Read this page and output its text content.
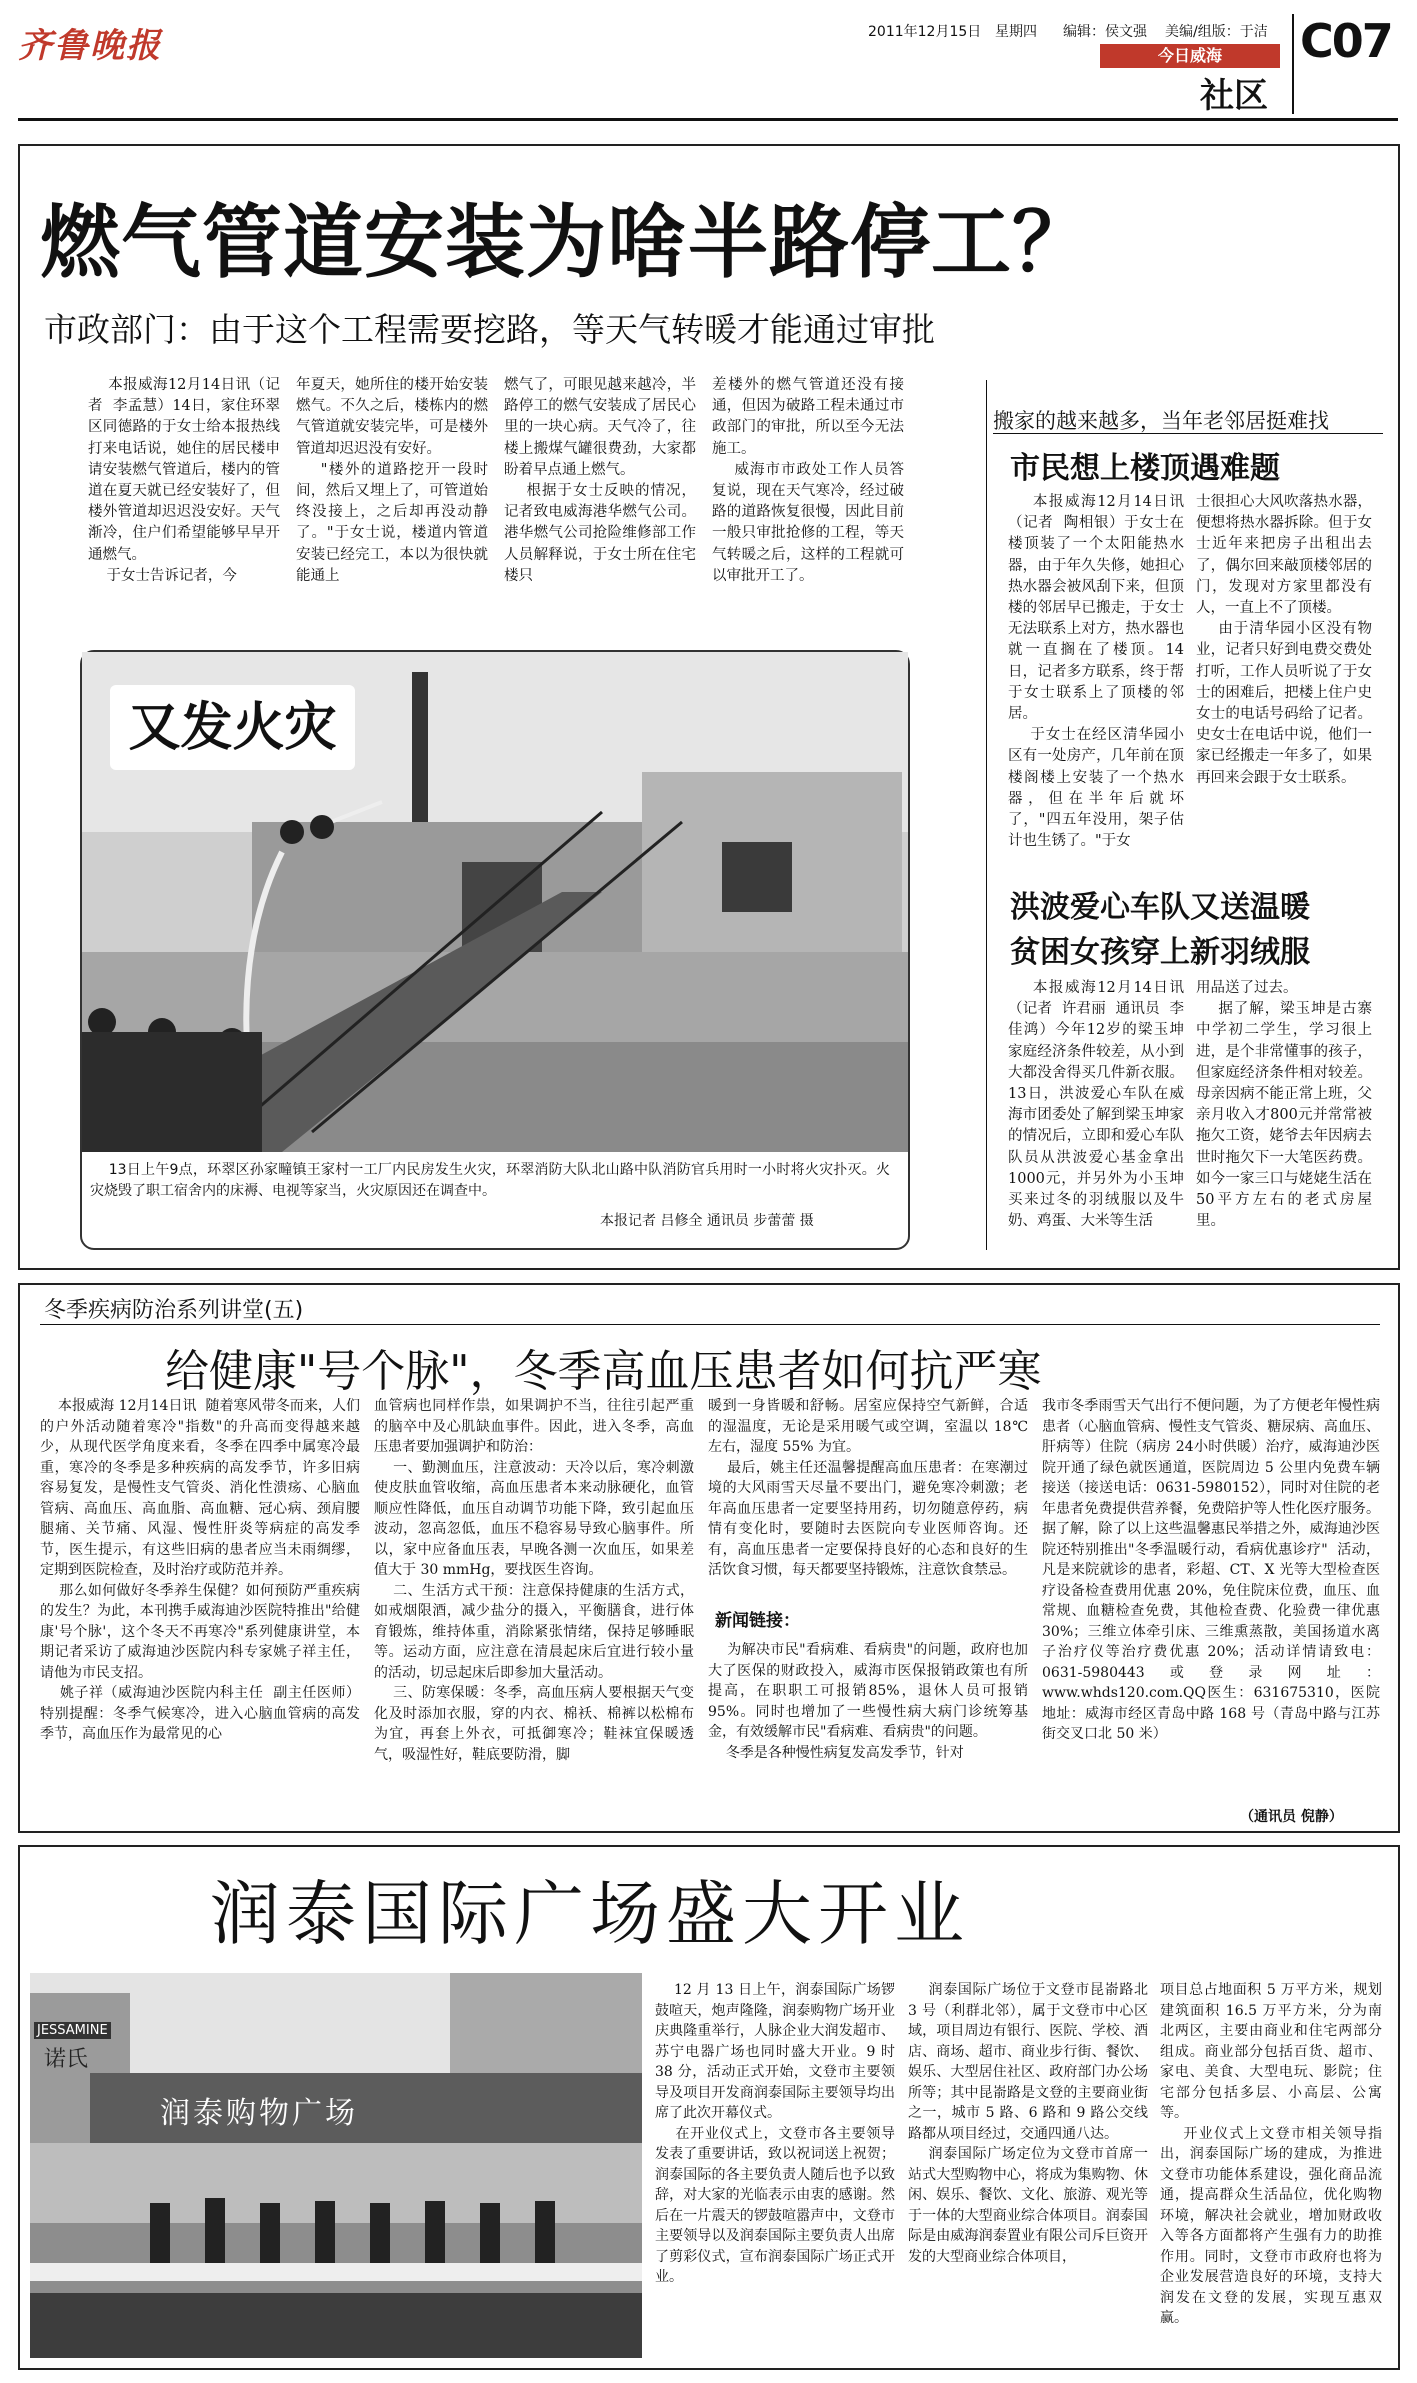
齐鲁晚报	2011年12月15日 星期四 编辑：侯文强 美编/组版：于洁
今日威海
社区
C07
燃气管道安装为啥半路停工？
市政部门：由于这个工程需要挖路，等天气转暖才能通过审批
本报威海12月14日讯（记者  李孟慧）14日，家住环翠区同德路的于女士给本报热线打来电话说，她住的居民楼申请安装燃气管道后，楼内的管道在夏天就已经安装好了，但楼外管道却迟迟没安好。天气渐冷，住户们希望能够早早开通燃气。
于女士告诉记者，今
年夏天，她所住的楼开始安装燃气。不久之后，楼栋内的燃气管道就安装完毕，可是楼外管道却迟迟没有安好。
"楼外的道路挖开一段时间，然后又埋上了，可管道始终没接上，之后却再没动静了。"于女士说，楼道内管道安装已经完工，本以为很快就能通上
燃气了，可眼见越来越冷，半路停工的燃气安装成了居民心里的一块心病。天气冷了，往楼上搬煤气罐很费劲，大家都盼着早点通上燃气。
根据于女士反映的情况，记者致电威海港华燃气公司。港华燃气公司抢险维修部工作人员解释说，于女士所在住宅楼只
差楼外的燃气管道还没有接通，但因为破路工程未通过市政部门的审批，所以至今无法施工。
威海市市政处工作人员答复说，现在天气寒冷，经过破路的道路恢复很慢，因此目前一般只审批抢修的工程，等天气转暖之后，这样的工程就可以审批开工了。
又发火灾
13日上午9点，环翠区孙家疃镇王家村一工厂内民房发生火灾，环翠消防大队北山路中队消防官兵用时一小时将火灾扑灭。火灾烧毁了职工宿舍内的床褥、电视等家当，火灾原因还在调查中。
本报记者 吕修全 通讯员 步蕾蕾 摄
搬家的越来越多，当年老邻居挺难找
市民想上楼顶遇难题
本报威海12月14日讯（记者  陶相银）于女士在楼顶装了一个太阳能热水器，由于年久失修，她担心热水器会被风刮下来，但顶楼的邻居早已搬走，于女士无法联系上对方，热水器也就一直搁在了楼顶。14日，记者多方联系，终于帮于女士联系上了顶楼的邻居。
于女士在经区清华园小区有一处房产，几年前在顶楼阁楼上安装了一个热水器，但在半年后就坏了，"四五年没用，架子估计也生锈了。"于女
士很担心大风吹落热水器，便想将热水器拆除。但于女士近年来把房子出租出去了，偶尔回来敲顶楼邻居的门，发现对方家里都没有人，一直上不了顶楼。
由于清华园小区没有物业，记者只好到电费交费处打听，工作人员听说了于女士的困难后，把楼上住户史女士的电话号码给了记者。史女士在电话中说，他们一家已经搬走一年多了，如果再回来会跟于女士联系。
洪波爱心车队又送温暖
贫困女孩穿上新羽绒服
本报威海12月14日讯（记者  许君丽  通讯员  李佳鸿）今年12岁的梁玉坤家庭经济条件较差，从小到大都没舍得买几件新衣服。13日，洪波爱心车队在威海市团委处了解到梁玉坤家的情况后，立即和爱心车队队员从洪波爱心基金拿出1000元，并另外为小玉坤买来过冬的羽绒服以及牛奶、鸡蛋、大米等生活
用品送了过去。
据了解，梁玉坤是古寨中学初二学生，学习很上进，是个非常懂事的孩子，但家庭经济条件相对较差。母亲因病不能正常上班，父亲月收入才800元并常常被拖欠工资，姥爷去年因病去世时拖欠下一大笔医药费。如今一家三口与姥姥生活在50平方左右的老式房屋里。
冬季疾病防治系列讲堂(五)
给健康"号个脉"，冬季高血压患者如何抗严寒
本报威海 12月14日讯  随着寒风带冬而来，人们的户外活动随着寒冷"指数"的升高而变得越来越少，从现代医学角度来看，冬季在四季中属寒冷最重，寒冷的冬季是多种疾病的高发季节，许多旧病容易复发，是慢性支气管炎、消化性溃疡、心脑血管病、高血压、高血脂、高血糖、冠心病、颈肩腰腿痛、关节痛、风湿、慢性肝炎等病症的高发季节，医生提示，有这些旧病的患者应当未雨绸缪，定期到医院检查，及时治疗或防范并养。
那么如何做好冬季养生保健？如何预防严重疾病的发生？为此，本刊携手威海迪沙医院特推出"给健康'号个脉'，这个冬天不再寒冷"系列健康讲堂，本期记者采访了威海迪沙医院内科专家姚子祥主任，请他为市民支招。
姚子祥（威海迪沙医院内科主任  副主任医师）特别提醒：冬季气候寒冷，进入心脑血管病的高发季节，高血压作为最常见的心
血管病也同样作祟，如果调护不当，往往引起严重的脑卒中及心肌缺血事件。因此，进入冬季，高血压患者要加强调护和防治：
一、勤测血压，注意波动：天冷以后，寒冷刺激使皮肤血管收缩，高血压患者本来动脉硬化，血管顺应性降低，血压自动调节功能下降，致引起血压波动，忽高忽低，血压不稳容易导致心脑事件。所以，家中应备血压表，早晚各测一次血压，如果差值大于 30 mmHg，要找医生咨询。
二、生活方式干预：注意保持健康的生活方式，如戒烟限酒，减少盐分的摄入，平衡膳食，进行体育锻炼，维持体重，消除紧张情绪，保持足够睡眠等。运动方面，应注意在清晨起床后宜进行较小量的活动，切忌起床后即参加大量活动。
三、防寒保暖：冬季，高血压病人要根据天气变化及时添加衣服，穿的内衣、棉袄、棉裤以松棉布为宜，再套上外衣，可抵御寒冷；鞋袜宜保暖透气，吸湿性好，鞋底要防滑，脚
暖到一身皆暖和舒畅。居室应保持空气新鲜，合适的湿温度，无论是采用暖气或空调，室温以 18℃ 左右，湿度 55% 为宜。
最后，姚主任还温馨提醒高血压患者：在寒潮过境的大风雨雪天尽量不要出门，避免寒冷刺激；老年高血压患者一定要坚持用药，切勿随意停药，病情有变化时，要随时去医院向专业医师咨询。还有，高血压患者一定要保持良好的心态和良好的生活饮食习惯，每天都要坚持锻炼，注意饮食禁忌。
新闻链接：
为解决市民"看病难、看病贵"的问题，政府也加大了医保的财政投入，威海市医保报销政策也有所提高，在职职工可报销85%，退休人员可报销95%。同时也增加了一些慢性病大病门诊统筹基金，有效缓解市民"看病难、看病贵"的问题。
冬季是各种慢性病复发高发季节，针对
我市冬季雨雪天气出行不便问题，为了方便老年慢性病患者（心脑血管病、慢性支气管炎、糖尿病、高血压、肝病等）住院（病房 24小时供暖）治疗，威海迪沙医院开通了绿色就医通道，医院周边 5 公里内免费车辆接送（接送电话：0631-5980152），同时对住院的老年患者免费提供营养餐，免费陪护等人性化医疗服务。据了解，除了以上这些温馨惠民举措之外，威海迪沙医院还特别推出"冬季温暖行动，看病优惠诊疗"  活动，凡是来院就诊的患者，彩超、CT、X 光等大型检查医疗设备检查费用优惠 20%，免住院床位费，血压、血常规、血糖检查免费，其他检查费、化验费一律优惠 30%；三维立体牵引床、三维熏蒸散，美国扬道水离子治疗仪等治疗费优惠 20%；活动详情请致电：0631-5980443或登录网址：www.whds120.com.QQ医生：631675310，医院地址：威海市经区青岛中路 168 号（青岛中路与江苏街交叉口北 50 米）
（通讯员 倪静）
润泰国际广场盛大开业
JESSAMINE
诺氏
润泰购物广场
12 月 13 日上午，润泰国际广场锣鼓喧天，炮声隆隆，润泰购物广场开业庆典隆重举行，人脉企业大润发超市、苏宁电器广场也同时盛大开业。9 时 38 分，活动正式开始，文登市主要领导及项目开发商润泰国际主要领导均出席了此次开幕仪式。
在开业仪式上，文登市各主要领导发表了重要讲话，致以祝词送上祝贺；润泰国际的各主要负责人随后也予以致辞，对大家的光临表示由衷的感谢。然后在一片震天的锣鼓喧嚣声中，文登市主要领导以及润泰国际主要负责人出席了剪彩仪式，宣布润泰国际广场正式开业。
润泰国际广场位于文登市昆嵛路北 3 号（利群北邻），属于文登市中心区域，项目周边有银行、医院、学校、酒店、商场、超市、商业步行街、餐饮、娱乐、大型居住社区、政府部门办公场所等；其中昆嵛路是文登的主要商业街之一，城市 5 路、6 路和 9 路公交线路都从项目经过，交通四通八达。
润泰国际广场定位为文登市首席一站式大型购物中心，将成为集购物、休闲、娱乐、餐饮、文化、旅游、观光等于一体的大型商业综合体项目。润泰国际是由威海润泰置业有限公司斥巨资开发的大型商业综合体项目，
项目总占地面积 5 万平方米，规划建筑面积 16.5 万平方米，分为南北两区，主要由商业和住宅两部分组成。商业部分包括百货、超市、家电、美食、大型电玩、影院；住宅部分包括多层、小高层、公寓等。
开业仪式上文登市相关领导指出，润泰国际广场的建成，为推进文登市功能体系建设，强化商品流通，提高群众生活品位，优化购物环境，解决社会就业，增加财政收入等各方面都将产生强有力的助推作用。同时，文登市市政府也将为企业发展营造良好的环境，支持大润发在文登的发展，实现互惠双赢。
